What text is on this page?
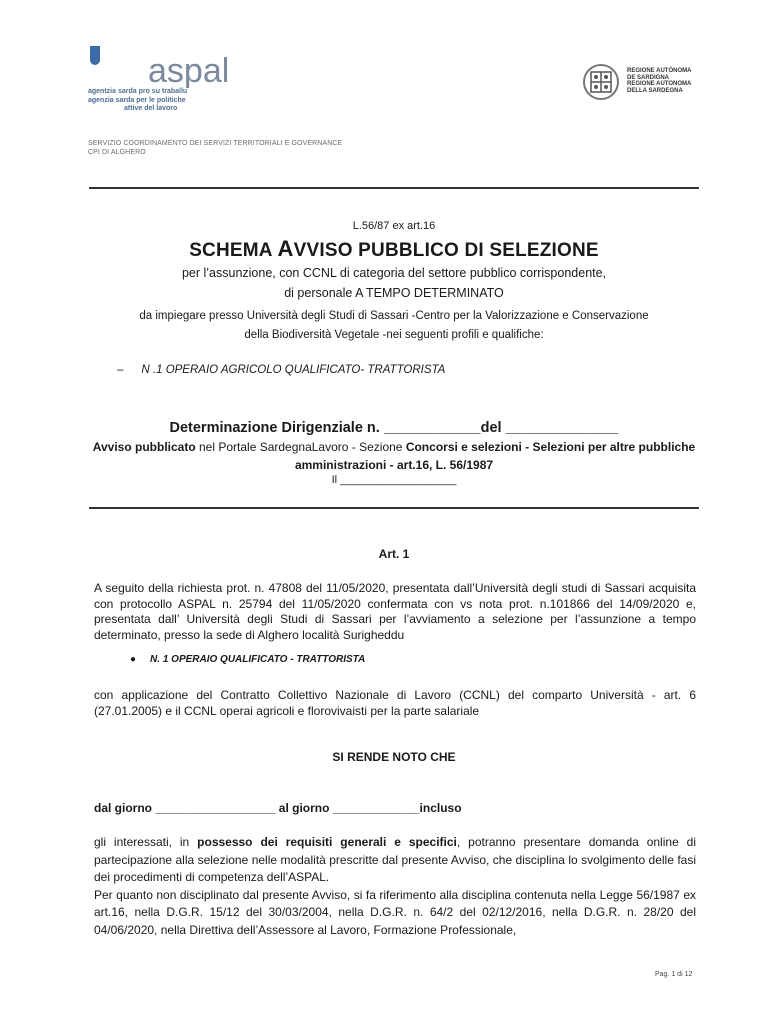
aspal
agentzia sarda pro su traballu
agenzia sarda per le politiche
attive del lavoro
REGIONE AUTÒNOMA
DE SARDIGNA
REGIONE AUTONOMA
DELLA SARDEGNA
SERVIZIO COORDINAMENTO DEI SERVIZI TERRITORIALI E GOVERNANCE
CPI DI ALGHERO
L.56/87 ex art.16
SCHEMA AVVISO PUBBLICO DI SELEZIONE
per l’assunzione, con CCNL di categoria del settore pubblico corrispondente,
di personale A TEMPO DETERMINATO
da impiegare presso Università degli Studi di Sassari -Centro per la Valorizzazione e Conservazione
della Biodiversità Vegetale -nei seguenti profili e qualifiche:
– N .1 OPERAIO AGRICOLO QUALIFICATO- TRATTORISTA
Determinazione Dirigenziale n. ____________del ______________
Avviso pubblicato nel Portale SardegnaLavoro - Sezione Concorsi e selezioni - Selezioni per altre pubbliche amministrazioni - art.16, L. 56/1987
Il ___________________
Art. 1
A seguito della richiesta prot. n. 47808 del 11/05/2020, presentata dall’Università degli studi di Sassari acquisita con protocollo ASPAL n. 25794 del 11/05/2020 confermata con vs nota prot. n.101866 del 14/09/2020 e, presentata dall’ Università degli Studi di Sassari per l’avviamento a selezione per l’assunzione a tempo determinato, presso la sede di Alghero località Surigheddu
● N. 1 OPERAIO QUALIFICATO - TRATTORISTA
con applicazione del Contratto Collettivo Nazionale di Lavoro (CCNL) del comparto Università - art. 6 (27.01.2005) e il CCNL operai agricoli e florovivaisti per la parte salariale
SI RENDE NOTO CHE
dal giorno __________________ al giorno _____________incluso
gli interessati, in possesso dei requisiti generali e specifici, potranno presentare domanda online di partecipazione alla selezione nelle modalità prescritte dal presente Avviso, che disciplina lo svolgimento delle fasi dei procedimenti di competenza dell’ASPAL.
Per quanto non disciplinato dal presente Avviso, si fa riferimento alla disciplina contenuta nella Legge 56/1987 ex art.16, nella D.G.R. 15/12 del 30/03/2004, nella D.G.R. n. 64/2 del 02/12/2016, nella D.G.R. n. 28/20 del 04/06/2020, nella Direttiva dell’Assessore al Lavoro, Formazione Professionale,
Pag. 1 di 12
